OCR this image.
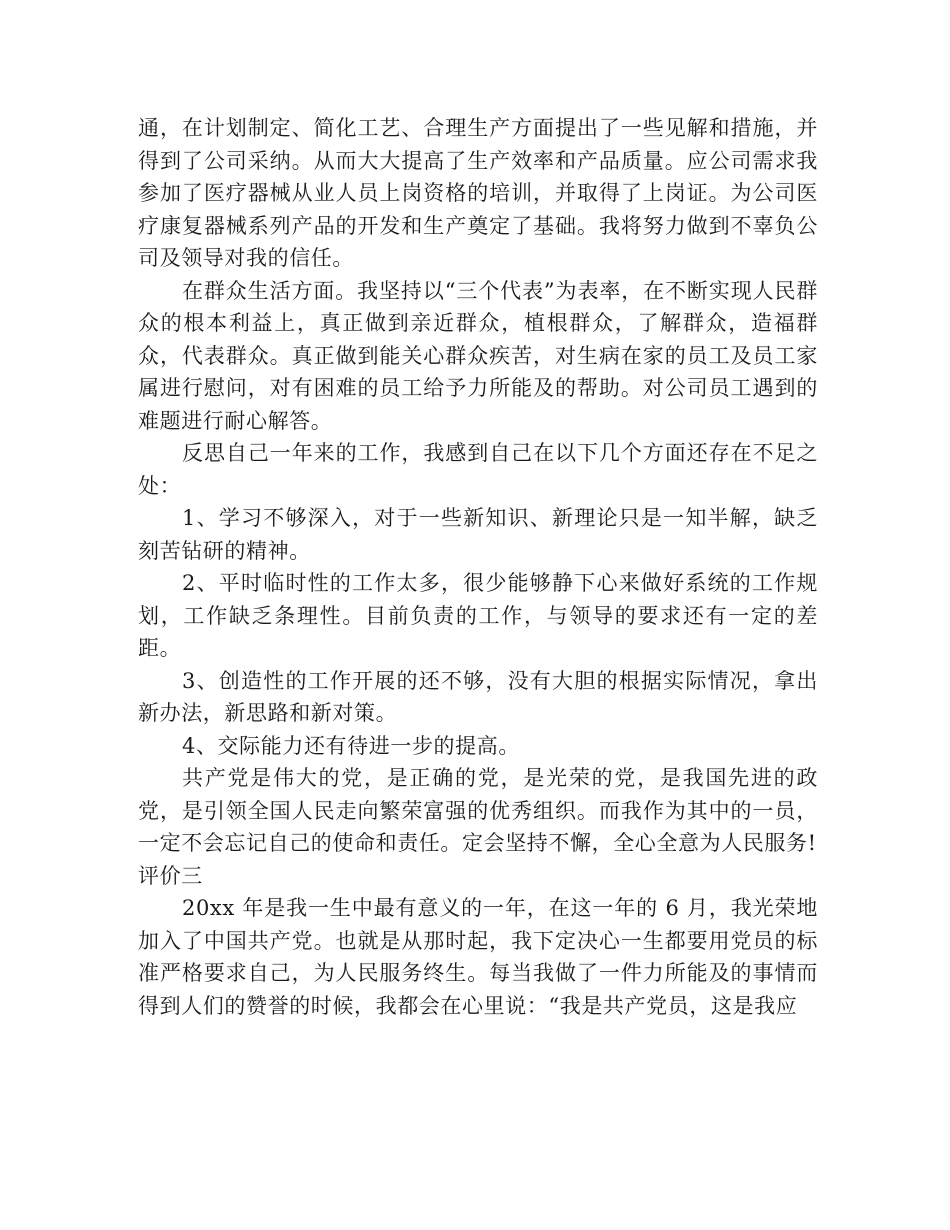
通，在计划制定、简化工艺、合理生产方面提出了一些见解和措施，并得到了公司采纳。从而大大提高了生产效率和产品质量。应公司需求我参加了医疗器械从业人员上岗资格的培训，并取得了上岗证。为公司医疗康复器械系列产品的开发和生产奠定了基础。我将努力做到不辜负公司及领导对我的信任。

在群众生活方面。我坚持以“三个代表”为表率，在不断实现人民群众的根本利益上，真正做到亲近群众，植根群众，了解群众，造福群众，代表群众。真正做到能关心群众疾苦，对生病在家的员工及员工家属进行慰问，对有困难的员工给予力所能及的帮助。对公司员工遇到的难题进行耐心解答。

反思自己一年来的工作，我感到自己在以下几个方面还存在不足之处：

1、学习不够深入，对于一些新知识、新理论只是一知半解，缺乏刻苦钻研的精神。

2、平时临时性的工作太多，很少能够静下心来做好系统的工作规划，工作缺乏条理性。目前负责的工作，与领导的要求还有一定的差距。

3、创造性的工作开展的还不够，没有大胆的根据实际情况，拿出新办法，新思路和新对策。

4、交际能力还有待进一步的提高。

共产党是伟大的党，是正确的党，是光荣的党，是我国先进的政党，是引领全国人民走向繁荣富强的优秀组织。而我作为其中的一员，一定不会忘记自己的使命和责任。定会坚持不懈，全心全意为人民服务!

评价三

20xx 年是我一生中最有意义的一年，在这一年的 6 月，我光荣地加入了中国共产党。也就是从那时起，我下定决心一生都要用党员的标准严格要求自己，为人民服务终生。每当我做了一件力所能及的事情而得到人们的赞誉的时候，我都会在心里说：“我是共产党员，这是我应
